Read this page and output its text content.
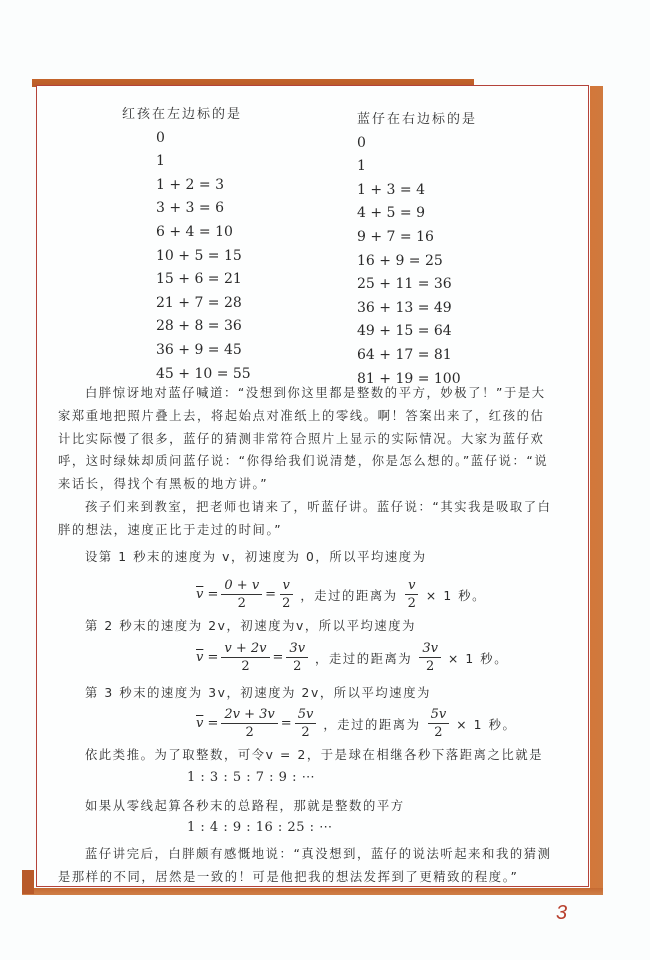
红孩在左边标的是
0
1
1 + 2 = 3
3 + 3 = 6
6 + 4 = 10
10 + 5 = 15
15 + 6 = 21
21 + 7 = 28
28 + 8 = 36
36 + 9 = 45
45 + 10 = 55
蓝仔在右边标的是
0
1
1 + 3 = 4
4 + 5 = 9
9 + 7 = 16
16 + 9 = 25
25 + 11 = 36
36 + 13 = 49
49 + 15 = 64
64 + 17 = 81
81 + 19 = 100
白胖惊讶地对蓝仔喊道：“没想到你这里都是整数的平方，妙极了！”于是大家郑重地把照片叠上去，将起始点对准纸上的零线。啊！答案出来了，红孩的估计比实际慢了很多，蓝仔的猜测非常符合照片上显示的实际情况。大家为蓝仔欢呼，这时绿妹却质问蓝仔说：“你得给我们说清楚，你是怎么想的。”蓝仔说：“说来话长，得找个有黑板的地方讲。”
孩子们来到教室，把老师也请来了，听蓝仔讲。蓝仔说：“其实我是吸取了白胖的想法，速度正比于走过的时间。”
设第 1 秒末的速度为 v，初速度为 0，所以平均速度为
$\overline{v} = \frac{0 + v}{2} = \frac{v}{2}$ ，走过的距离为 $\frac{v}{2} \times 1$ 秒。
第 2 秒末的速度为 2v，初速度为v，所以平均速度为
$\overline{v} = \frac{v + 2v}{2} = \frac{3v}{2}$ ，走过的距离为 $\frac{3v}{2} \times 1$ 秒。
第 3 秒末的速度为 3v，初速度为 2v，所以平均速度为
$\overline{v} = \frac{2v + 3v}{2} = \frac{5v}{2}$ ，走过的距离为 $\frac{5v}{2} \times 1$ 秒。
依此类推。为了取整数，可令v = 2，于是球在相继各秒下落距离之比就是
1 : 3 : 5 : 7 : 9 : ⋯
如果从零线起算各秒末的总路程，那就是整数的平方
1 : 4 : 9 : 16 : 25 : ⋯
蓝仔讲完后，白胖颇有感慨地说：“真没想到，蓝仔的说法听起来和我的猜测是那样的不同，居然是一致的！可是他把我的想法发挥到了更精致的程度。”
3
